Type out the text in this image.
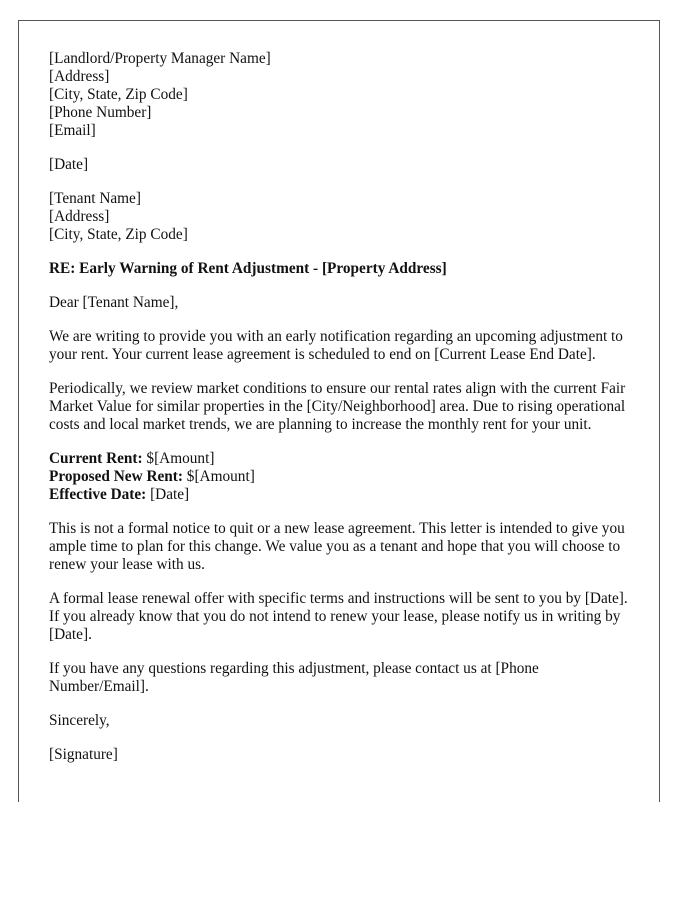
[Landlord/Property Manager Name]
[Address]
[City, State, Zip Code]
[Phone Number]
[Email]
[Date]
[Tenant Name]
[Address]
[City, State, Zip Code]

RE: Early Warning of Rent Adjustment - [Property Address]

Dear [Tenant Name],

We are writing to provide you with an early notification regarding an upcoming adjustment to your rent. Your current lease agreement is scheduled to end on [Current Lease End Date].

Periodically, we review market conditions to ensure our rental rates align with the current Fair Market Value for similar properties in the [City/Neighborhood] area. Due to rising operational costs and local market trends, we are planning to increase the monthly rent for your unit.

Current Rent: $[Amount]
Proposed New Rent: $[Amount]
Effective Date: [Date]

This is not a formal notice to quit or a new lease agreement. This letter is intended to give you ample time to plan for this change. We value you as a tenant and hope that you will choose to renew your lease with us.

A formal lease renewal offer with specific terms and instructions will be sent to you by [Date]. If you already know that you do not intend to renew your lease, please notify us in writing by [Date].

If you have any questions regarding this adjustment, please contact us at [Phone Number/Email].

Sincerely,

[Signature]
